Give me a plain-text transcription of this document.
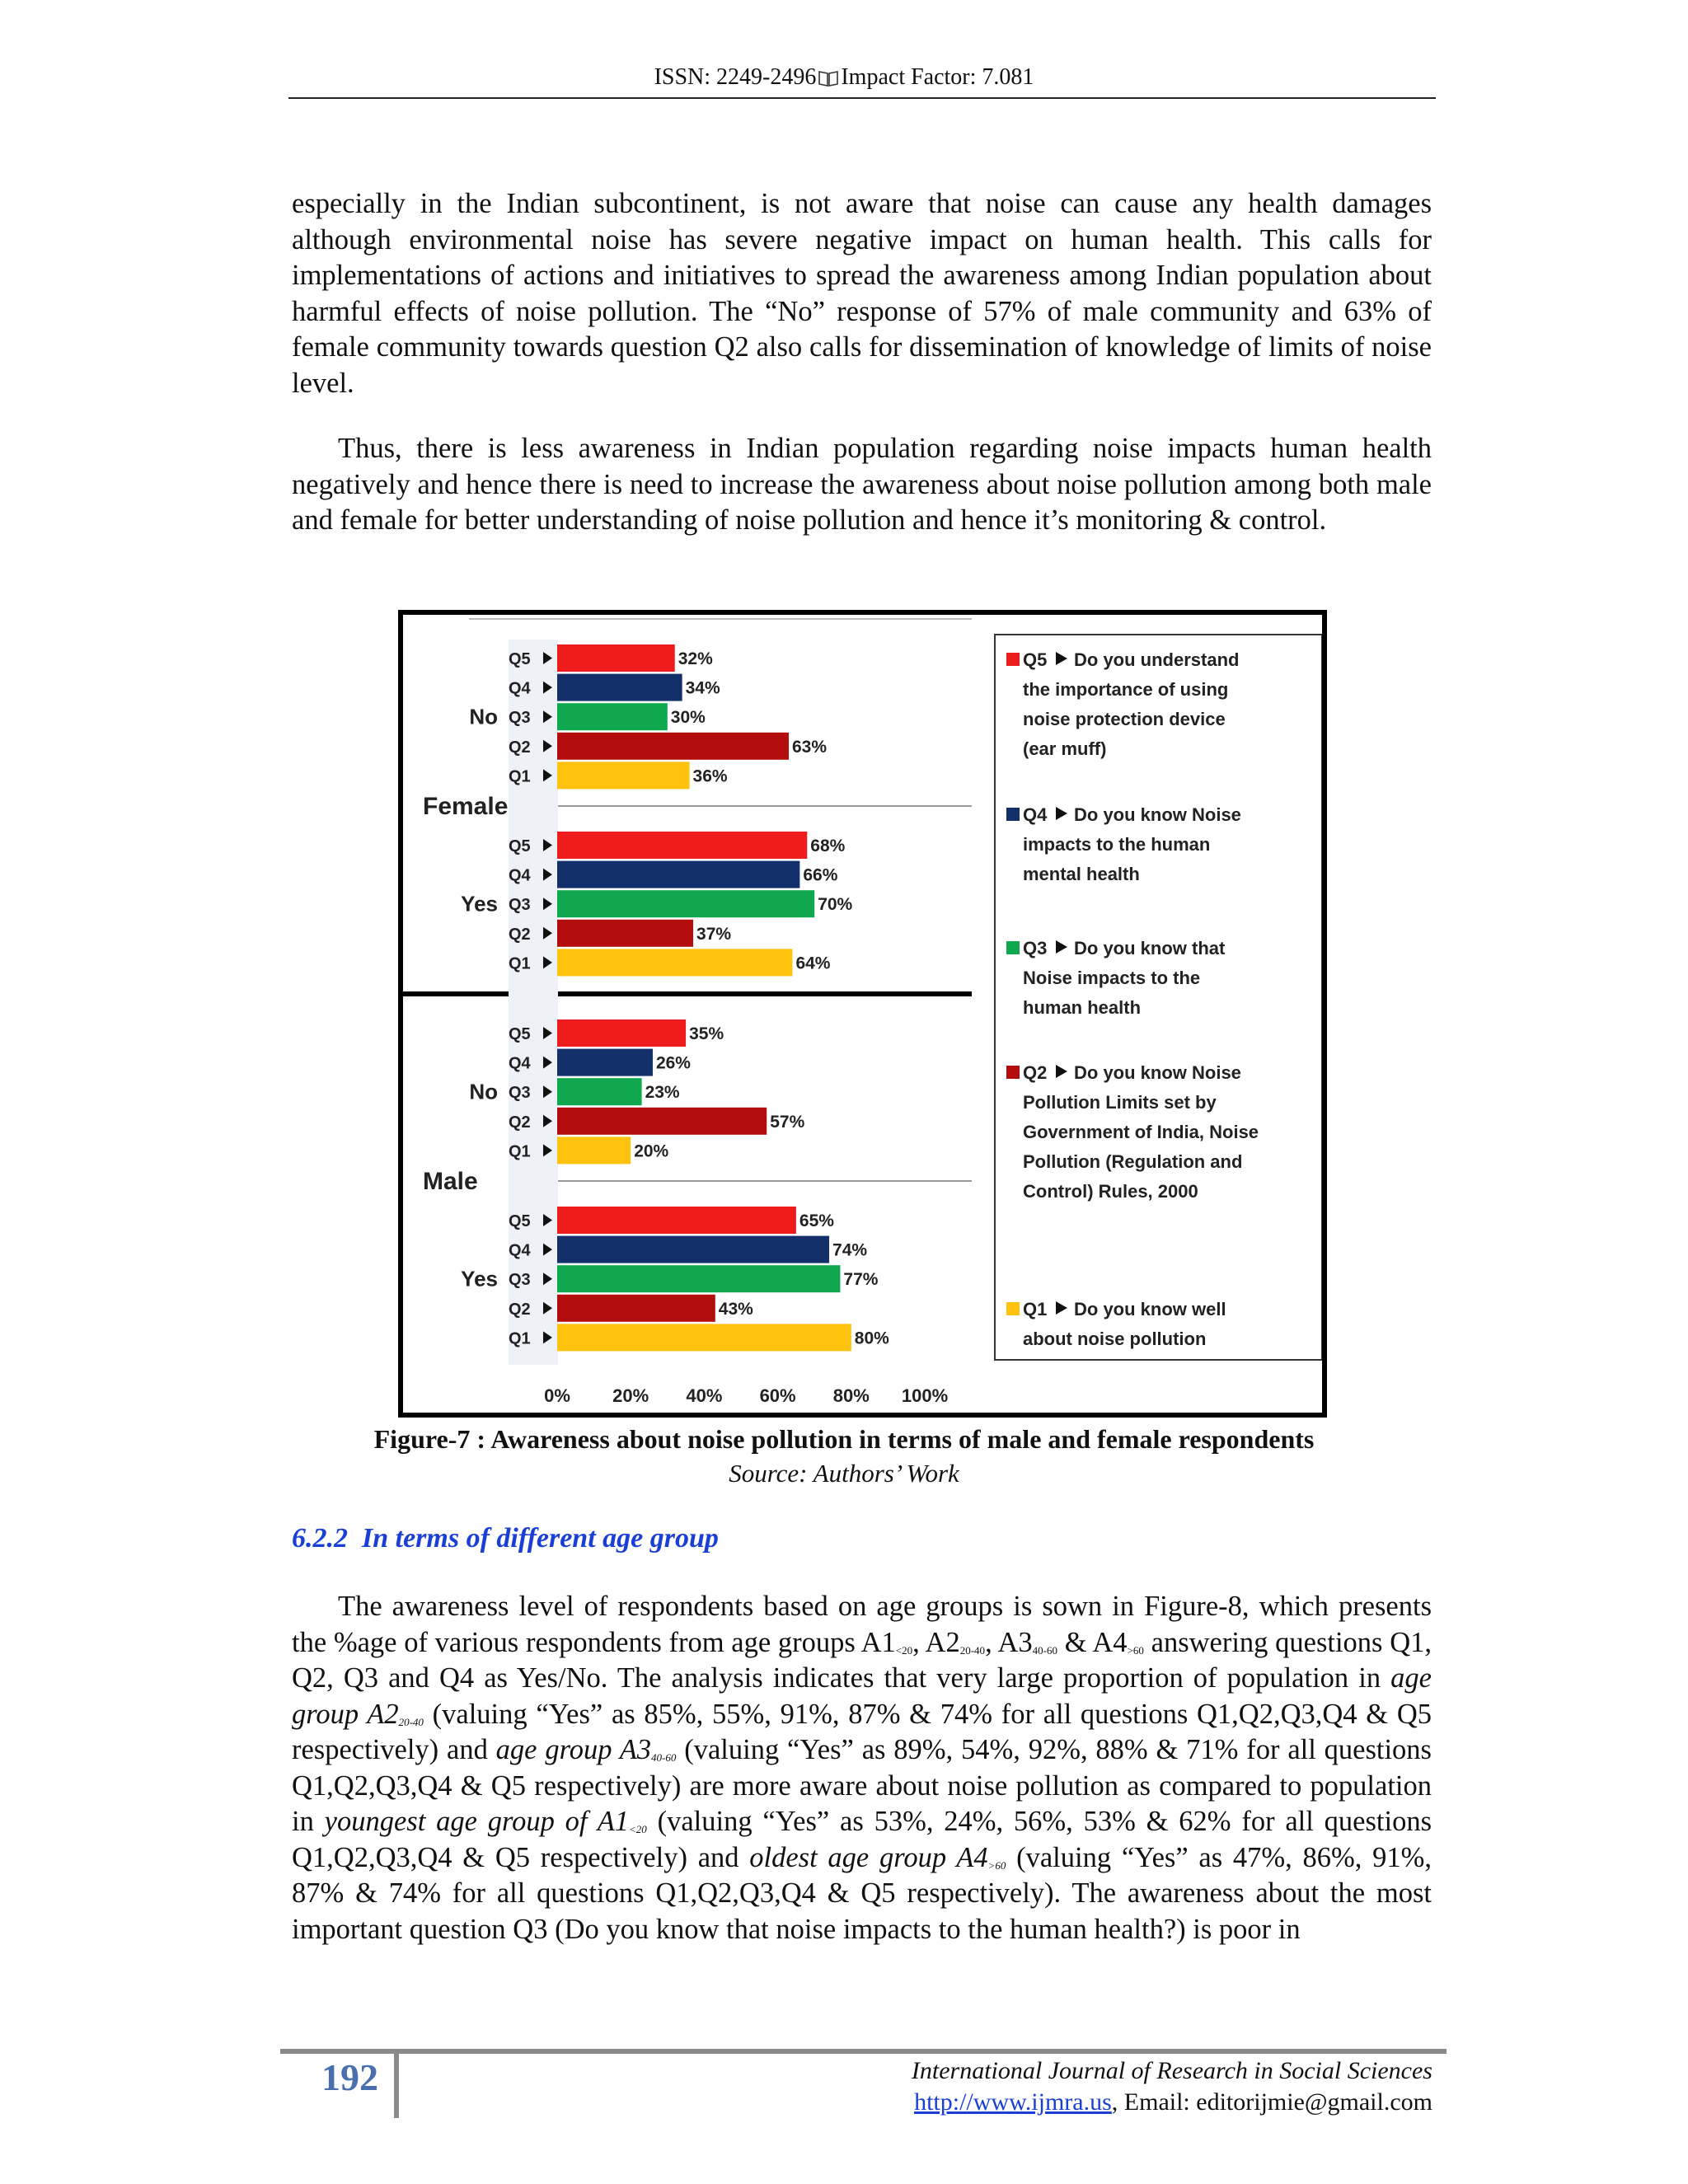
ISSN: 2249-2496 Impact Factor: 7.081

especially in the Indian subcontinent, is not aware that noise can cause any health damages although environmental noise has severe negative impact on human health. This calls for implementations of actions and initiatives to spread the awareness among Indian population about harmful effects of noise pollution. The “No” response of 57% of male community and 63% of female community towards question Q2 also calls for dissemination of knowledge of limits of noise level.

Thus, there is less awareness in Indian population regarding noise impacts human health negatively and hence there is need to increase the awareness about noise pollution among both male and female for better understanding of noise pollution and hence it’s monitoring & control.

Female
Male
No
Q5	32%
Q4	34%
Q3	30%
Q2	63%
Q1	36%
Yes
Q5	68%
Q4	66%
Q3	70%
Q2	37%
Q1	64%
No
Q5	35%
Q4	26%
Q3	23%
Q2	57%
Q1	20%
Yes
Q5	65%
Q4	74%
Q3	77%
Q2	43%
Q1	80%
0% 20% 40% 60% 80% 100%
Q5 Do you understand
the importance of using
noise protection device
(ear muff)
Q4 Do you know Noise
impacts to the human
mental health
Q3 Do you know that
Noise impacts to the
human health
Q2 Do you know Noise
Pollution Limits set by
Government of India, Noise
Pollution (Regulation and
Control) Rules, 2000
Q1 Do you know well
about noise pollution
Figure-7 : Awareness about noise pollution in terms of male and female respondents
Source: Authors’ Work
6.2.2 In terms of different age group

The awareness level of respondents based on age groups is sown in Figure-8, which presents the %age of various respondents from age groups $A1_{<20}$, $A2_{20-40}$, $A3_{40-60}$ & $A4_{>60}$ answering questions Q1, Q2, Q3 and Q4 as Yes/No. The analysis indicates that very large proportion of population in age group $A2_{20-40}$ (valuing “Yes” as 85%, 55%, 91%, 87% & 74% for all questions Q1,Q2,Q3,Q4 & Q5 respectively) and age group $A3_{40-60}$ (valuing “Yes” as 89%, 54%, 92%, 88% & 71% for all questions Q1,Q2,Q3,Q4 & Q5 respectively) are more aware about noise pollution as compared to population in youngest age group of $A1_{<20}$ (valuing “Yes” as 53%, 24%, 56%, 53% & 62% for all questions Q1,Q2,Q3,Q4 & Q5 respectively) and oldest age group $A4_{>60}$ (valuing “Yes” as 47%, 86%, 91%, 87% & 74% for all questions Q1,Q2,Q3,Q4 & Q5 respectively). The awareness about the most important question Q3 (Do you know that noise impacts to the human health?) is poor in

192	International Journal of Research in Social Sciences
http://www.ijmra.us, Email: editorijmie@gmail.com
